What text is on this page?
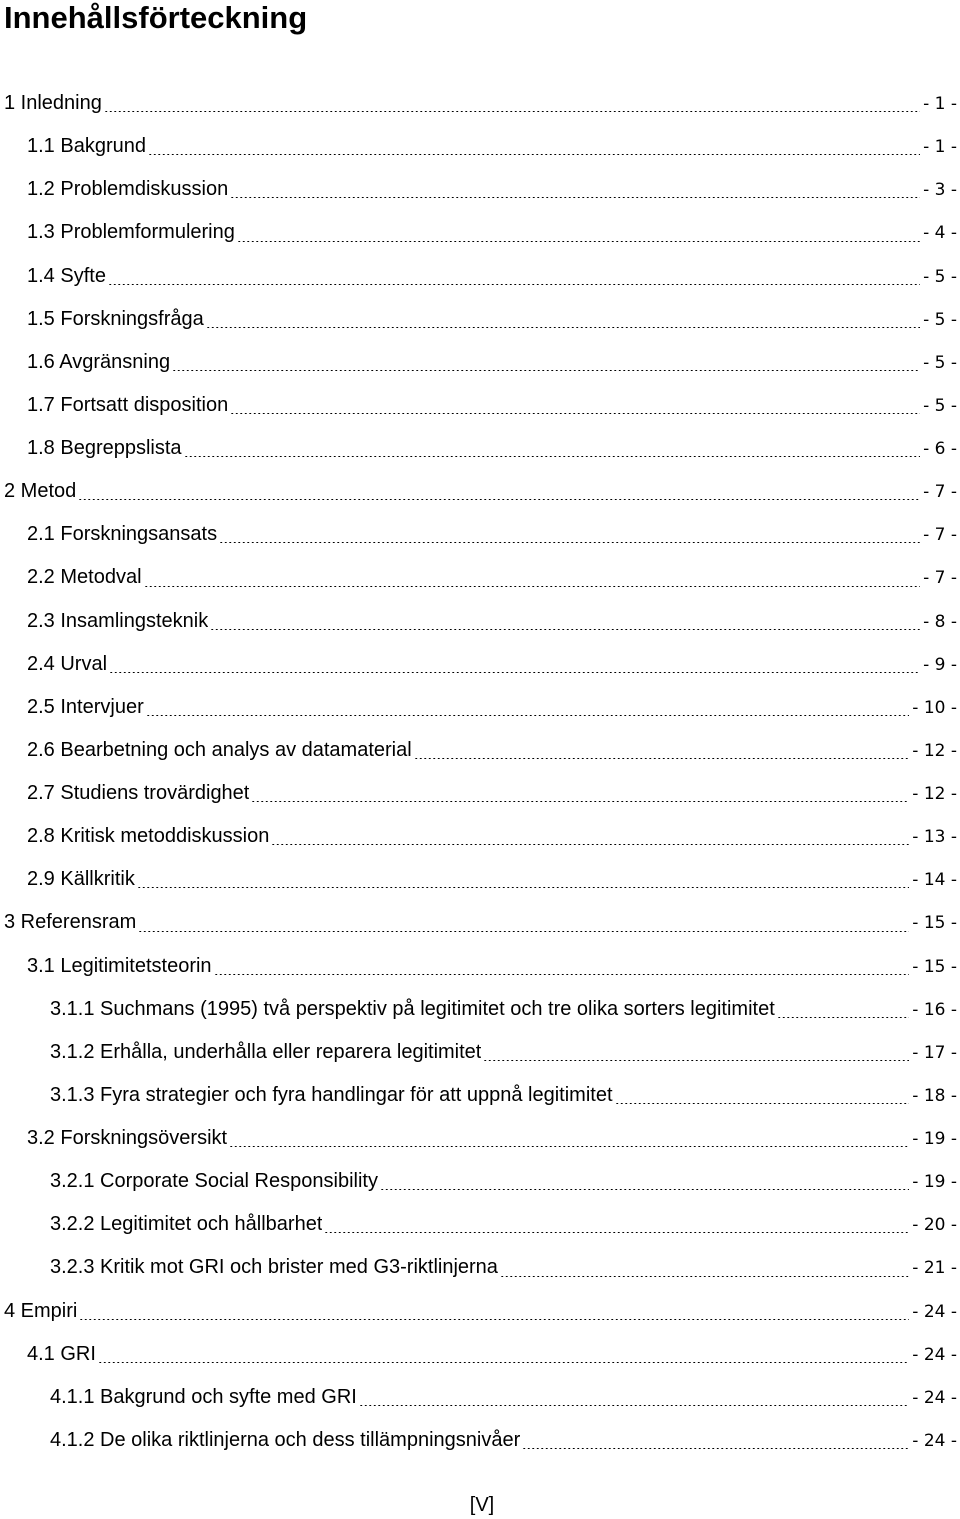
Innehållsförteckning
1 Inledning	- 1 -
1.1 Bakgrund	- 1 -
1.2 Problemdiskussion	- 3 -
1.3 Problemformulering	- 4 -
1.4 Syfte	- 5 -
1.5 Forskningsfråga	- 5 -
1.6 Avgränsning	- 5 -
1.7 Fortsatt disposition	- 5 -
1.8 Begreppslista	- 6 -
2 Metod	- 7 -
2.1 Forskningsansats	- 7 -
2.2 Metodval	- 7 -
2.3 Insamlingsteknik	- 8 -
2.4 Urval	- 9 -
2.5 Intervjuer	- 10 -
2.6 Bearbetning och analys av datamaterial	- 12 -
2.7 Studiens trovärdighet	- 12 -
2.8 Kritisk metoddiskussion	- 13 -
2.9 Källkritik	- 14 -
3 Referensram	- 15 -
3.1 Legitimitetsteorin	- 15 -
3.1.1 Suchmans (1995) två perspektiv på legitimitet och tre olika sorters legitimitet	- 16 -
3.1.2 Erhålla, underhålla eller reparera legitimitet	- 17 -
3.1.3 Fyra strategier och fyra handlingar för att uppnå legitimitet	- 18 -
3.2 Forskningsöversikt	- 19 -
3.2.1 Corporate Social Responsibility	- 19 -
3.2.2 Legitimitet och hållbarhet	- 20 -
3.2.3 Kritik mot GRI och brister med G3-riktlinjerna	- 21 -
4 Empiri	- 24 -
4.1 GRI	- 24 -
4.1.1 Bakgrund och syfte med GRI	- 24 -
4.1.2 De olika riktlinjerna och dess tillämpningsnivåer	- 24 -
[V]
